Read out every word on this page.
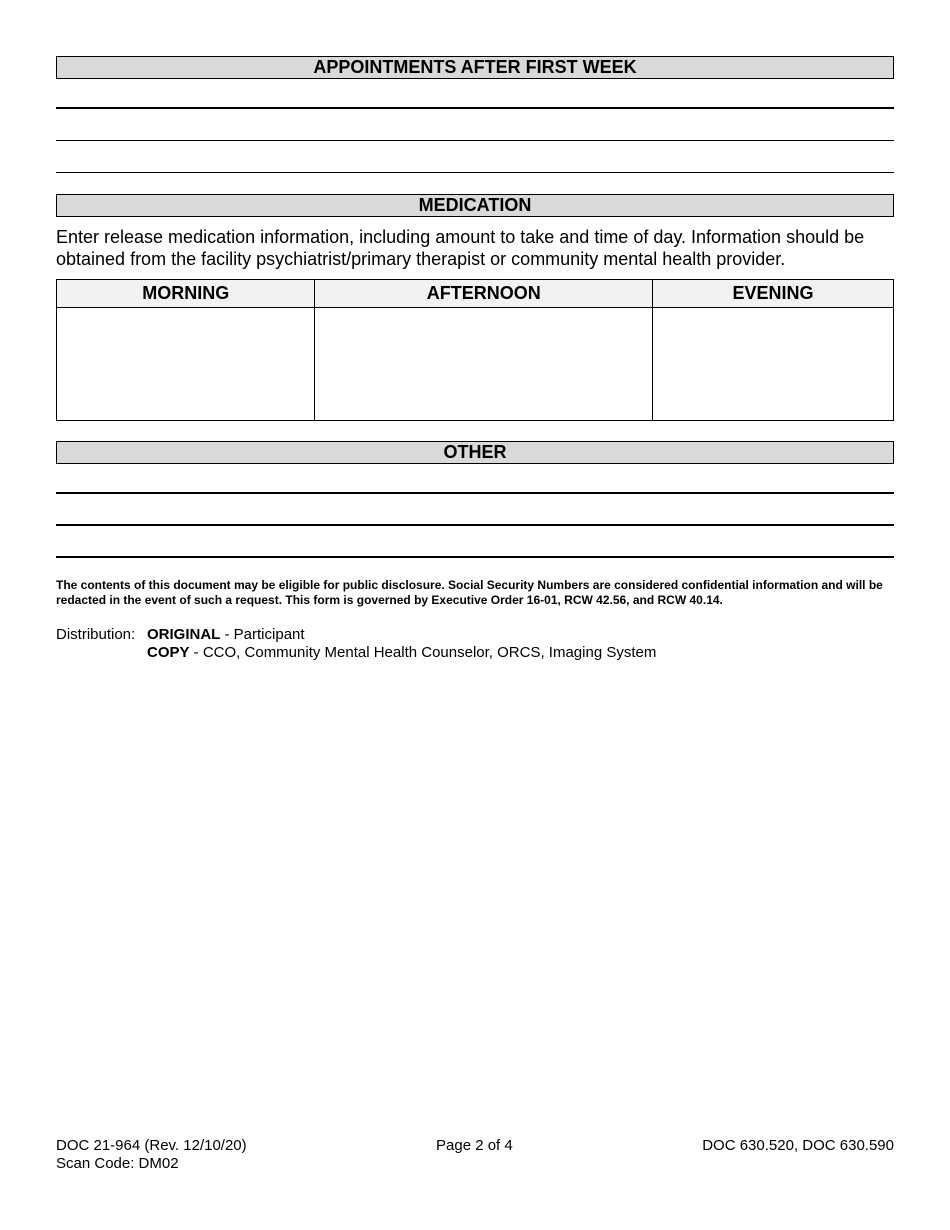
APPOINTMENTS AFTER FIRST WEEK
MEDICATION
Enter release medication information, including amount to take and time of day. Information should be obtained from the facility psychiatrist/primary therapist or community mental health provider.
MORNING	AFTERNOON	EVENING

OTHER
The contents of this document may be eligible for public disclosure. Social Security Numbers are considered confidential information and will be redacted in the event of such a request. This form is governed by Executive Order 16-01, RCW 42.56, and RCW 40.14.
Distribution: ORIGINAL - Participant
COPY - CCO, Community Mental Health Counselor, ORCS, Imaging System
DOC 21-964 (Rev. 12/10/20)
Scan Code: DM02
Page 2 of 4	DOC 630.520, DOC 630.590
